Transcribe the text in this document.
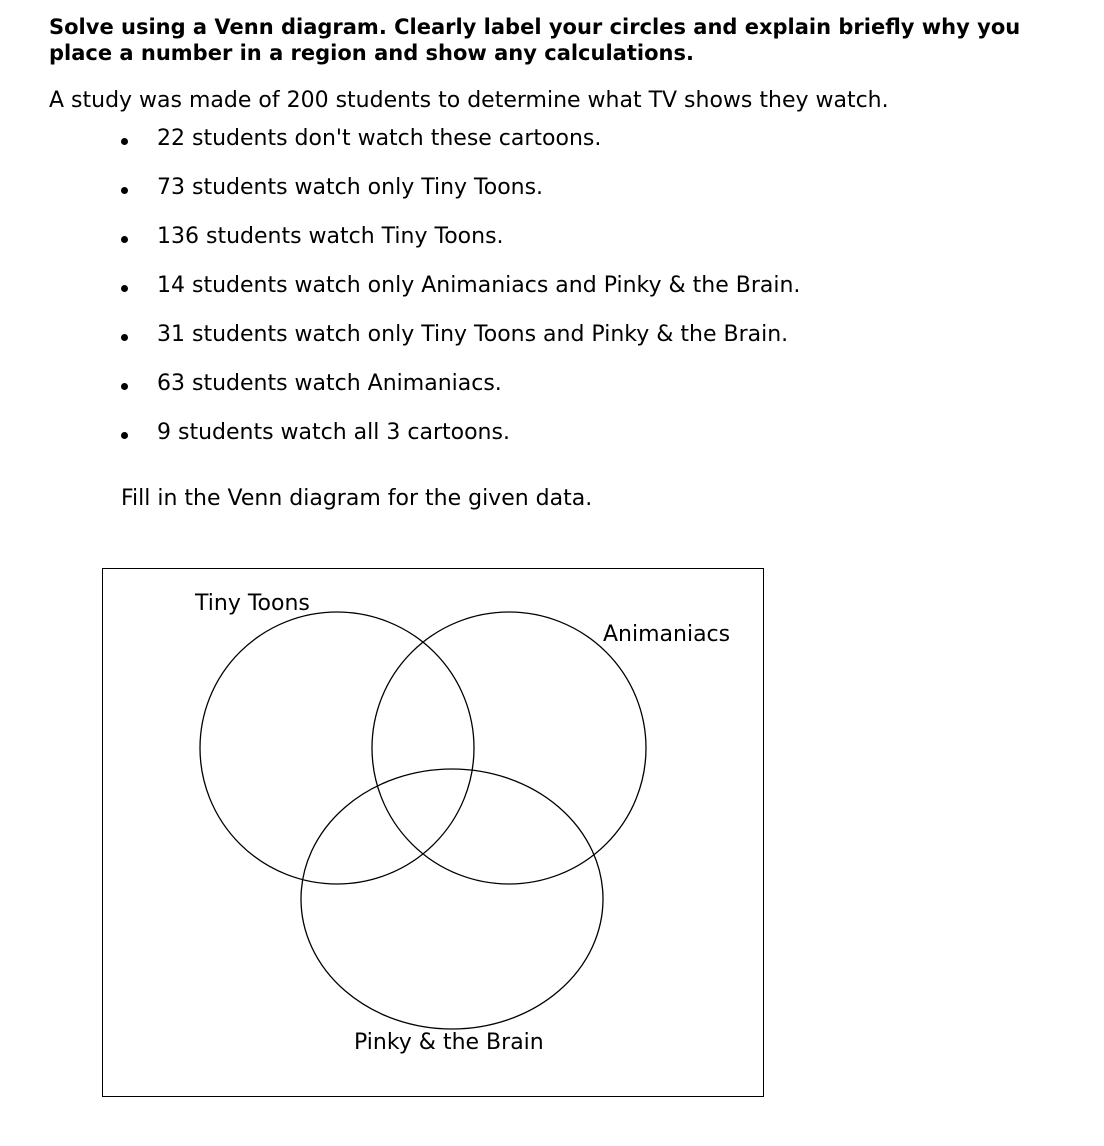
Solve using a Venn diagram. Clearly label your circles and explain briefly why you place a number in a region and show any calculations.

A study was made of 200 students to determine what TV shows they watch.

22 students don't watch these cartoons.
73 students watch only Tiny Toons.
136 students watch Tiny Toons.
14 students watch only Animaniacs and Pinky & the Brain.
31 students watch only Tiny Toons and Pinky & the Brain.
63 students watch Animaniacs.
9 students watch all 3 cartoons.

Fill in the Venn diagram for the given data.

Tiny Toons
Animaniacs
Pinky & the Brain
